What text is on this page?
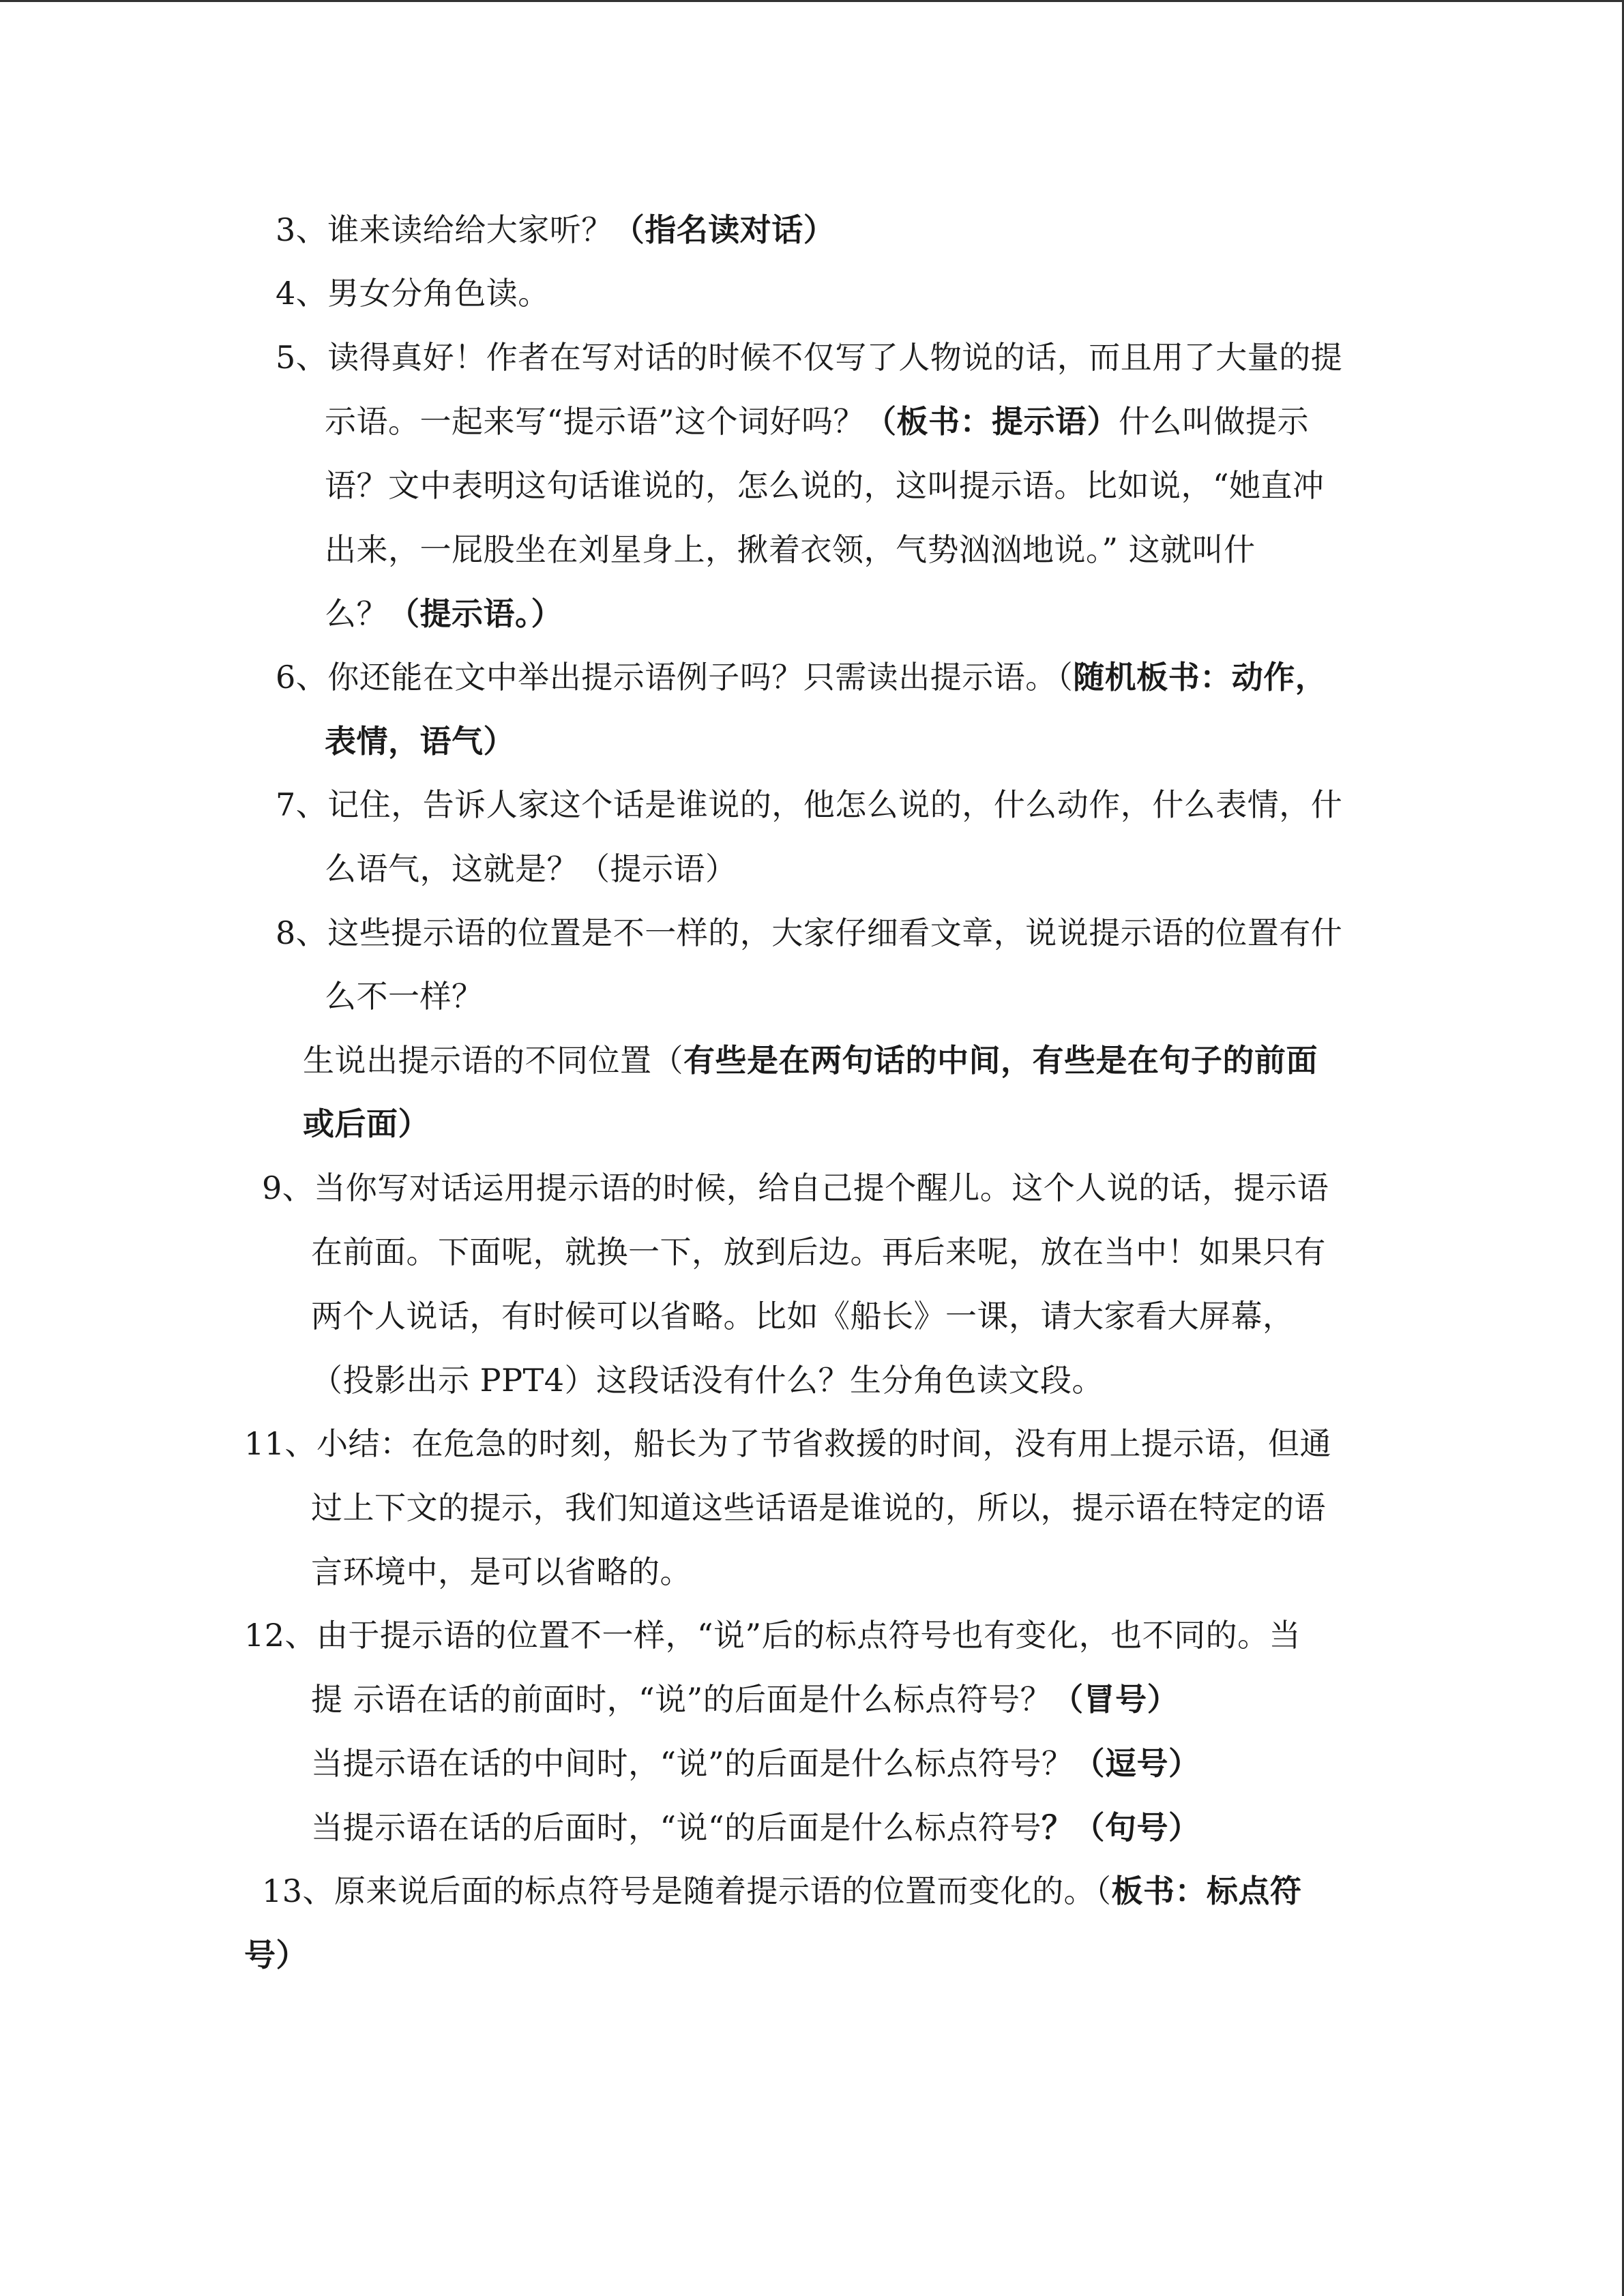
3、谁来读给给大家听？（指名读对话）
4、男女分角色读。
5、读得真好！作者在写对话的时候不仅写了人物说的话，而且用了大量的提
示语。一起来写“提示语”这个词好吗？（板书：提示语）什么叫做提示
语？文中表明这句话谁说的，怎么说的，这叫提示语。比如说，“她直冲
出来，一屁股坐在刘星身上，揪着衣领，气势汹汹地说。” 这就叫什
么？（提示语。）
6、你还能在文中举出提示语例子吗？只需读出提示语。（随机板书：动作，
表情，语气）
7、记住，告诉人家这个话是谁说的，他怎么说的，什么动作，什么表情，什
么语气，这就是？（提示语）
8、这些提示语的位置是不一样的，大家仔细看文章，说说提示语的位置有什
么不一样？
生说出提示语的不同位置（有些是在两句话的中间，有些是在句子的前面
或后面）
9、当你写对话运用提示语的时候，给自己提个醒儿。这个人说的话，提示语
在前面。下面呢，就换一下，放到后边。再后来呢，放在当中！如果只有
两个人说话，有时候可以省略。比如《船长》一课，请大家看大屏幕，
（投影出示 PPT4）这段话没有什么？生分角色读文段。
11、小结：在危急的时刻，船长为了节省救援的时间，没有用上提示语，但通
过上下文的提示，我们知道这些话语是谁说的，所以，提示语在特定的语
言环境中，是可以省略的。
12、由于提示语的位置不一样，“说”后的标点符号也有变化，也不同的。当
提 示语在话的前面时，“说”的后面是什么标点符号？（冒号）
当提示语在话的中间时，“说”的后面是什么标点符号？（逗号）
当提示语在话的后面时，“说“的后面是什么标点符号？（句号）
13、原来说后面的标点符号是随着提示语的位置而变化的。（板书：标点符
号）
